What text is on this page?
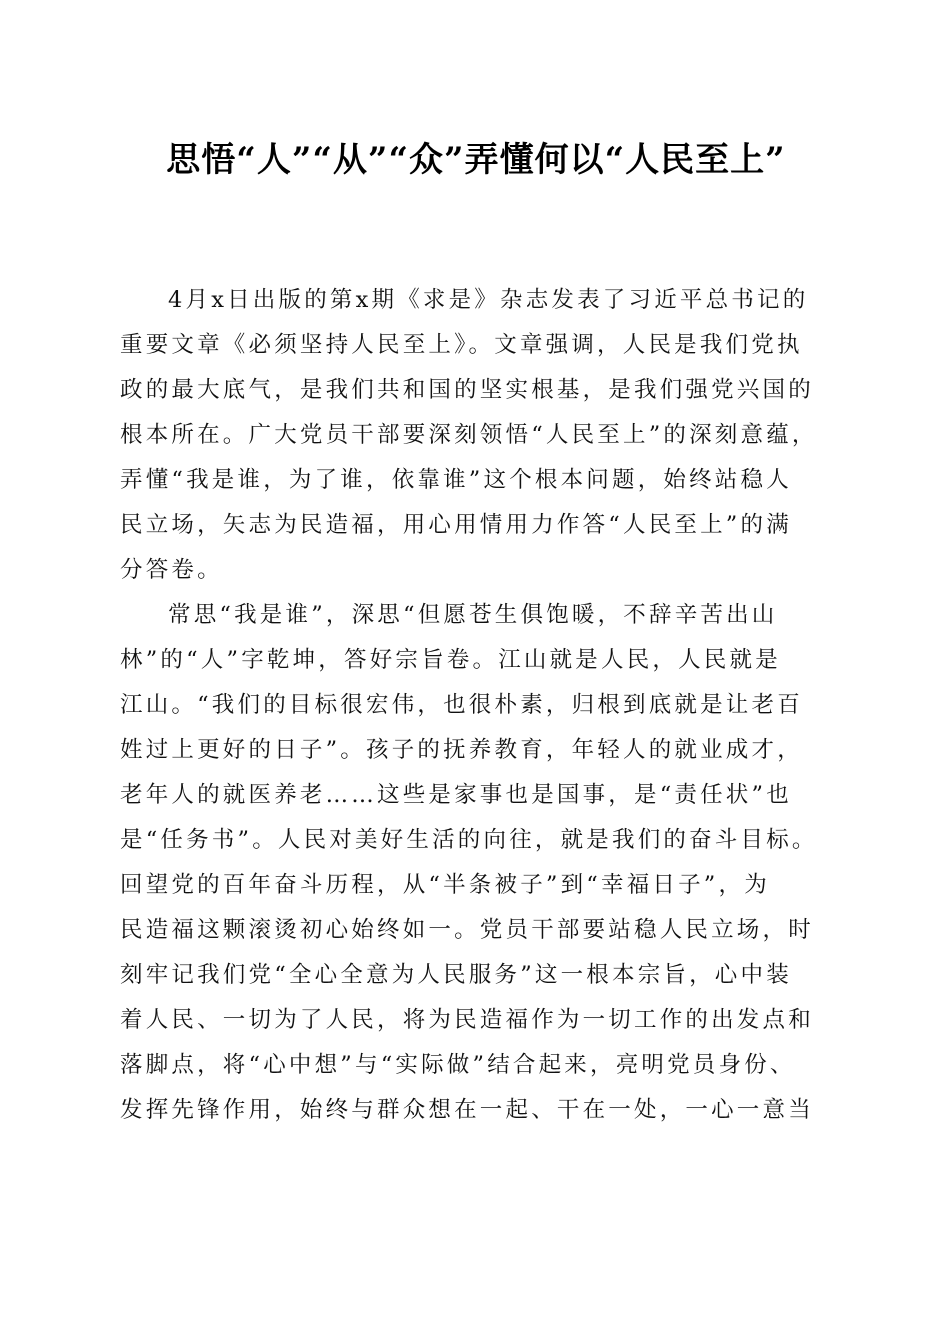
思悟“人”“从”“众”弄懂何以“人民至上”
4月x日出版的第x期《求是》杂志发表了习近平总书记的
重要文章《必须坚持人民至上》。文章强调，人民是我们党执
政的最大底气，是我们共和国的坚实根基，是我们强党兴国的
根本所在。广大党员干部要深刻领悟“人民至上”的深刻意蕴，
弄懂“我是谁，为了谁，依靠谁”这个根本问题，始终站稳人
民立场，矢志为民造福，用心用情用力作答“人民至上”的满
分答卷。
常思“我是谁”，深思“但愿苍生俱饱暖，不辞辛苦出山
林”的“人”字乾坤，答好宗旨卷。江山就是人民，人民就是
江山。“我们的目标很宏伟，也很朴素，归根到底就是让老百
姓过上更好的日子”。孩子的抚养教育，年轻人的就业成才，
老年人的就医养老……这些是家事也是国事，是“责任状”也
是“任务书”。人民对美好生活的向往，就是我们的奋斗目标。
回望党的百年奋斗历程，从“半条被子”到“幸福日子”，为
民造福这颗滚烫初心始终如一。党员干部要站稳人民立场，时
刻牢记我们党“全心全意为人民服务”这一根本宗旨，心中装
着人民、一切为了人民，将为民造福作为一切工作的出发点和
落脚点，将“心中想”与“实际做”结合起来，亮明党员身份、
发挥先锋作用，始终与群众想在一起、干在一处，一心一意当
